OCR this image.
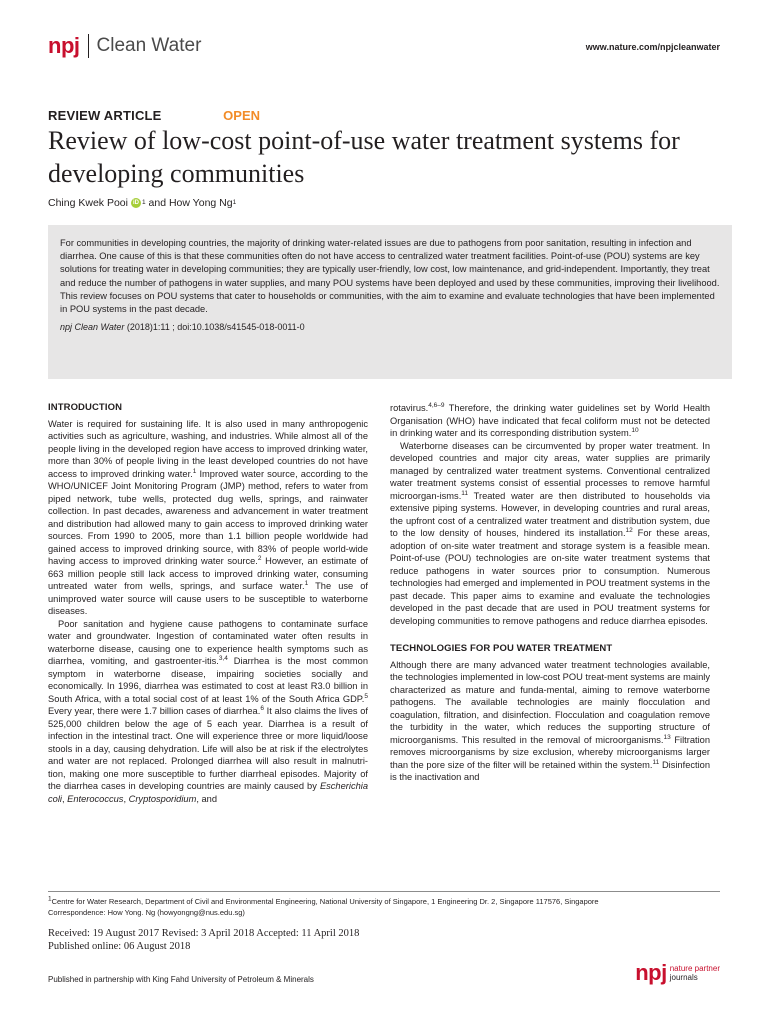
npj Clean Water	www.nature.com/npjcleanwater
REVIEW ARTICLE	OPEN
Review of low-cost point-of-use water treatment systems for developing communities
Ching Kwek Pooi iD 1 and How Yong Ng 1

For communities in developing countries, the majority of drinking water-related issues are due to pathogens from poor sanitation, resulting in infection and diarrhea. One cause of this is that these communities often do not have access to centralized water treatment facilities. Point-of-use (POU) systems are key solutions for treating water in developing communities; they are typically user-friendly, low cost, low maintenance, and grid-independent. Importantly, they treat and reduce the number of pathogens in water supplies, and many POU systems have been deployed and used by these communities, improving their livelihood. This review focuses on POU systems that cater to households or communities, with the aim to examine and evaluate technologies that have been implemented in POU systems in the past decade.

npj Clean Water (2018)1:11 ; doi:10.1038/s41545-018-0011-0
INTRODUCTION

Water is required for sustaining life. It is also used in many anthropogenic activities such as agriculture, washing, and industries. While almost all of the people living in the developed region have access to improved drinking water, more than 30% of people living in the least developed countries do not have access to improved drinking water.$^1$ Improved water source, according to the WHO/UNICEF Joint Monitoring Program (JMP) method, refers to water from piped network, tube wells, protected dug wells, springs, and rainwater collection. In past decades, awareness and advancement in water treatment and distribution had allowed many to gain access to improved drinking water sources. From 1990 to 2005, more than 1.1 billion people worldwide had gained access to improved drinking source, with 83% of people world-wide having access to improved drinking water source.$^2$ However, an estimate of 663 million people still lack access to improved drinking water, consuming untreated water from wells, springs, and surface water.$^1$ The use of unimproved water source will cause users to be susceptible to waterborne diseases.

Poor sanitation and hygiene cause pathogens to contaminate surface water and groundwater. Ingestion of contaminated water often results in waterborne disease, causing one to experience health symptoms such as diarrhea, vomiting, and gastroenter-itis.$^{3,4}$ Diarrhea is the most common symptom in waterborne disease, impairing societies socially and economically. In 1996, diarrhea was estimated to cost at least R3.0 billion in South Africa, with a total social cost of at least 1% of the South Africa GDP.$^5$ Every year, there were 1.7 billion cases of diarrhea.$^6$ It also claims the lives of 525,000 children below the age of 5 each year. Diarrhea is a result of infection in the intestinal tract. One will experience three or more liquid/loose stools in a day, causing dehydration. Life will also be at risk if the electrolytes and water are not replaced. Prolonged diarrhea will also result in malnutri-tion, making one more susceptible to further diarrheal episodes. Majority of the diarrhea cases in developing countries are mainly caused by Escherichia coli, Enterococcus, Cryptosporidium, and

rotavirus.$^{4,6-9}$ Therefore, the drinking water guidelines set by World Health Organisation (WHO) have indicated that fecal coliform must not be detected in drinking water and its corresponding distribution system.$^{10}$

Waterborne diseases can be circumvented by proper water treatment. In developed countries and major city areas, water supplies are primarily managed by centralized water treatment systems. Conventional centralized water treatment systems consist of essential processes to remove harmful microorgan-isms.$^{11}$ Treated water are then distributed to households via extensive piping systems. However, in developing countries and rural areas, the upfront cost of a centralized water treatment and distribution system, due to the low density of houses, hindered its installation.$^{12}$ For these areas, adoption of on-site water treatment and storage system is a feasible mean. Point-of-use (POU) technologies are on-site water treatment systems that reduce pathogens in water sources prior to consumption. Numerous technologies had emerged and implemented in POU treatment systems in the past decade. This paper aims to examine and evaluate the technologies developed in the past decade that are used in POU treatment systems for developing communities to remove pathogens and reduce diarrhea episodes.

TECHNOLOGIES FOR POU WATER TREATMENT

Although there are many advanced water treatment technologies available, the technologies implemented in low-cost POU treat-ment systems are mainly characterized as mature and funda-mental, aiming to remove waterborne pathogens. The available technologies are mainly flocculation and coagulation, filtration, and disinfection. Flocculation and coagulation remove the turbidity in the water, which reduces the supporting structure of microorganisms. This resulted in the removal of microorganisms.$^{13}$ Filtration removes microorganisms by size exclusion, whereby microorganisms larger than the pore size of the filter will be retained within the system.$^{11}$ Disinfection is the inactivation and

$^1$Centre for Water Research, Department of Civil and Environmental Engineering, National University of Singapore, 1 Engineering Dr. 2, Singapore 117576, Singapore
Correspondence: How Yong. Ng (howyongng@nus.edu.sg)
Received: 19 August 2017 Revised: 3 April 2018 Accepted: 11 April 2018
Published online: 06 August 2018
Published in partnership with King Fahd University of Petroleum & Minerals	npj nature partner
journals
